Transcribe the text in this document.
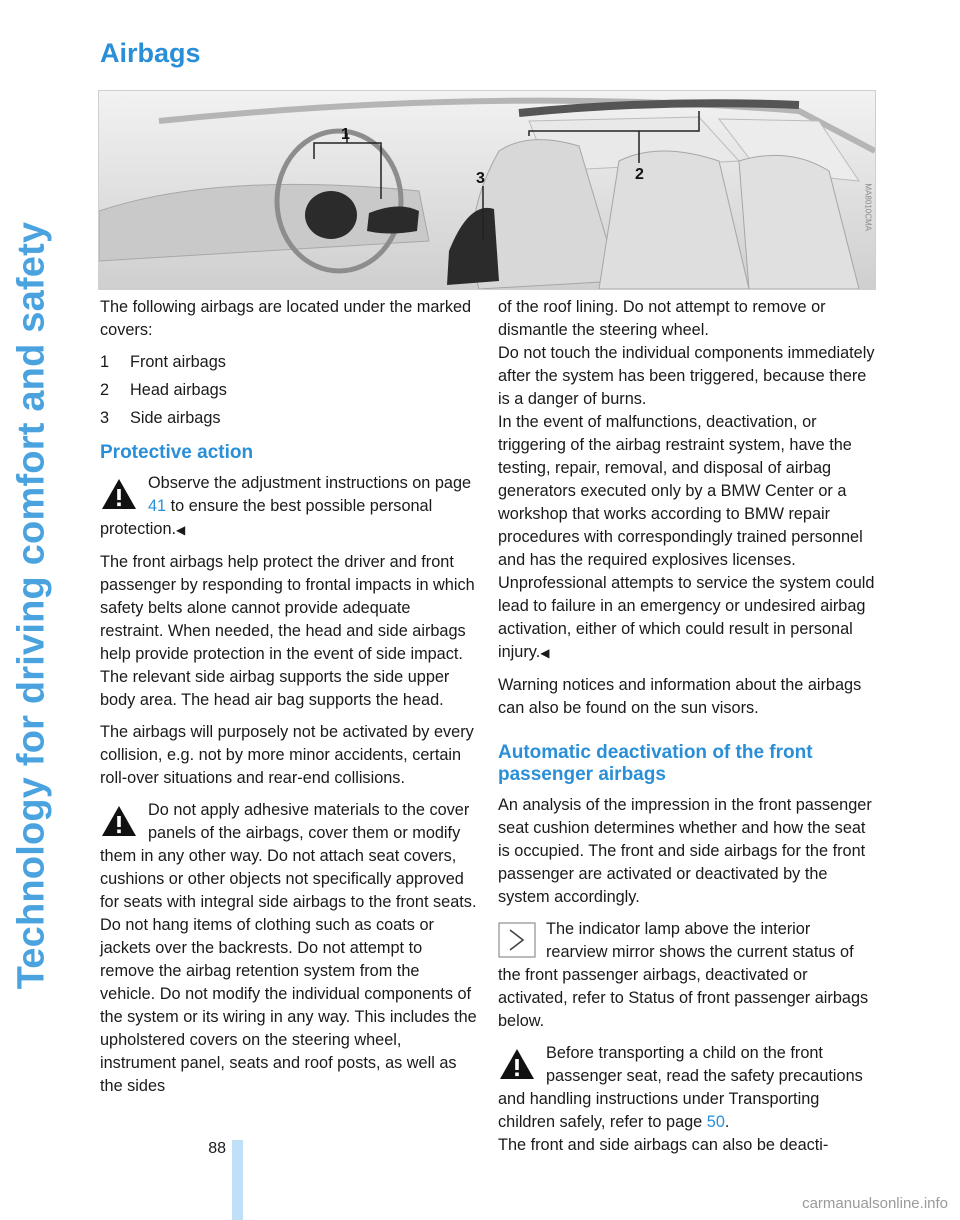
Technology for driving comfort and safety
Airbags
1
2
3
MA8010CMA

The following airbags are located under the marked covers:

1	Front airbags
2	Head airbags
3	Side airbags
Protective action
Observe the adjustment instructions on page 41 to ensure the best possible personal protection.◀

The front airbags help protect the driver and front passenger by responding to frontal impacts in which safety belts alone cannot provide adequate restraint. When needed, the head and side airbags help provide protection in the event of side impact. The relevant side airbag supports the side upper body area. The head air bag supports the head.

The airbags will purposely not be activated by every collision, e.g. not by more minor accidents, certain roll-over situations and rear-end collisions.

Do not apply adhesive materials to the cover panels of the airbags, cover them or modify them in any other way. Do not attach seat covers, cushions or other objects not specifically approved for seats with integral side airbags to the front seats. Do not hang items of clothing such as coats or jackets over the backrests. Do not attempt to remove the airbag retention system from the vehicle. Do not modify the individual components of the system or its wiring in any way. This includes the upholstered covers on the steering wheel, instrument panel, seats and roof posts, as well as the sides

of the roof lining. Do not attempt to remove or dismantle the steering wheel.

Do not touch the individual components immediately after the system has been triggered, because there is a danger of burns.

In the event of malfunctions, deactivation, or triggering of the airbag restraint system, have the testing, repair, removal, and disposal of airbag generators executed only by a BMW Center or a workshop that works according to BMW repair procedures with correspondingly trained personnel and has the required explosives licenses. Unprofessional attempts to service the system could lead to failure in an emergency or undesired airbag activation, either of which could result in personal injury.◀

Warning notices and information about the airbags can also be found on the sun visors.

Automatic deactivation of the front passenger airbags

An analysis of the impression in the front passenger seat cushion determines whether and how the seat is occupied. The front and side airbags for the front passenger are activated or deactivated by the system accordingly.

The indicator lamp above the interior rearview mirror shows the current status of the front passenger airbags, deactivated or activated, refer to Status of front passenger airbags below.
Before transporting a child on the front passenger seat, read the safety precautions and handling instructions under Transporting children safely, refer to page 50.

The front and side airbags can also be deacti-

88
carmanualsonline.info
